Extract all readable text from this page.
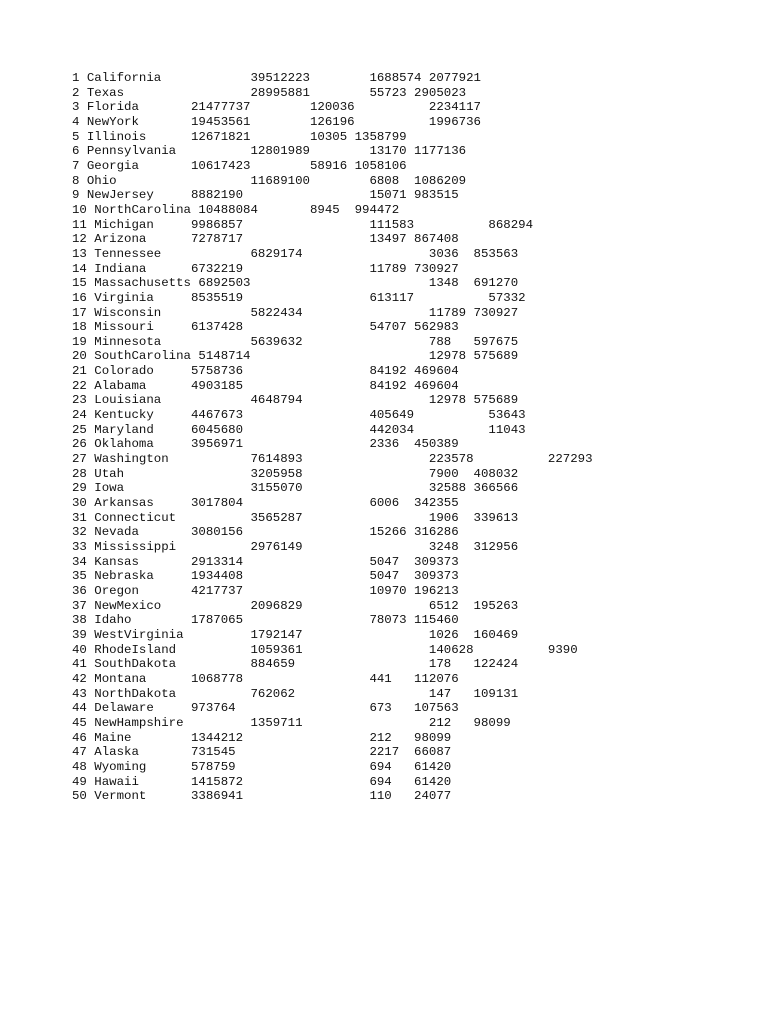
1 California		39512223	1688574	2077921
2 Texas			28995881	55723 2905023
3 Florida	21477737	120036		2234117
4 NewYork	19453561	126196		1996736
5 Illinois	12671821	10305 1358799
6 Pennsylvania		12801989	13170 1177136
7 Georgia	10617423	58916 1058106
8 Ohio			11689100	6808  1086209
9 NewJersey	8882190			15071 983515
10 NorthCarolina 10488084	8945  994472
11 Michigan	9986857			111583		868294
12 Arizona	7278717			13497 867408
13 Tennessee		6829174			3036  853563
14 Indiana	6732219			11789 730927
15 Massachusetts 6892503			1348  691270
16 Virginia	8535519			613117		57332
17 Wisconsin		5822434			11789 730927
18 Missouri	6137428			54707 562983
19 Minnesota		5639632			788   597675
20 SouthCarolina 5148714			12978 575689
21 Colorado	5758736			84192 469604
22 Alabama	4903185			84192 469604
23 Louisiana		4648794			12978 575689
24 Kentucky	4467673			405649		53643
25 Maryland	6045680			442034		11043
26 Oklahoma	3956971			2336  450389
27 Washington		7614893			223578		227293
28 Utah			3205958			7900  408032
29 Iowa			3155070			32588 366566
30 Arkansas	3017804			6006  342355
31 Connecticut		3565287			1906  339613
32 Nevada	3080156			15266 316286
33 Mississippi		2976149			3248  312956
34 Kansas	2913314			5047  309373
35 Nebraska	1934408			5047  309373
36 Oregon	4217737			10970 196213
37 NewMexico		2096829			6512  195263
38 Idaho	1787065			78073 115460
39 WestVirginia		1792147			1026  160469
40 RhodeIsland		1059361			140628		9390
41 SouthDakota		884659			178   122424
42 Montana	1068778			441   112076
43 NorthDakota		762062			147   109131
44 Delaware	973764			673   107563
45 NewHampshire		1359711			212   98099
46 Maine	1344212			212   98099
47 Alaska	731545			2217  66087
48 Wyoming	578759			694   61420
49 Hawaii	1415872			694   61420
50 Vermont	3386941			110   24077
